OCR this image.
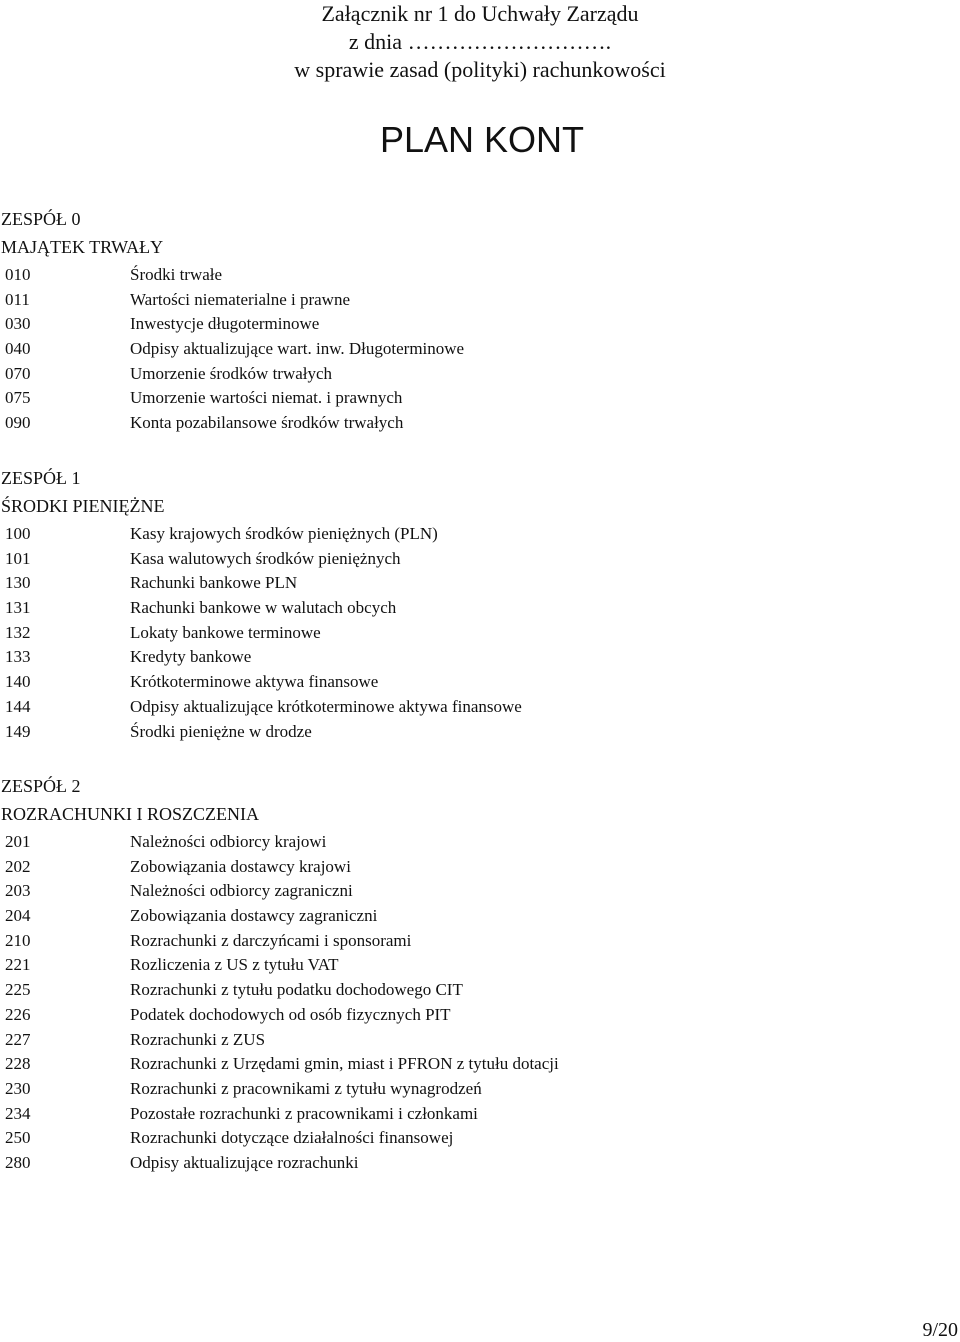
Załącznik nr 1 do Uchwały Zarządu
z dnia ……………………….
w sprawie zasad (polityki) rachunkowości
PLAN KONT
ZESPÓŁ 0
MAJĄTEK TRWAŁY
010	Środki trwałe
011	Wartości niematerialne i prawne
030	Inwestycje długoterminowe
040	Odpisy aktualizujące wart. inw. Długoterminowe
070	Umorzenie środków trwałych
075	Umorzenie wartości niemat. i prawnych
090	Konta pozabilansowe środków trwałych
ZESPÓŁ 1
ŚRODKI PIENIĘŻNE
100	Kasy krajowych środków pieniężnych (PLN)
101	Kasa walutowych środków pieniężnych
130	Rachunki bankowe PLN
131	Rachunki bankowe w walutach obcych
132	Lokaty bankowe terminowe
133	Kredyty bankowe
140	Krótkoterminowe aktywa finansowe
144	Odpisy aktualizujące krótkoterminowe aktywa finansowe
149	Środki pieniężne w drodze
ZESPÓŁ 2
ROZRACHUNKI I ROSZCZENIA
201	Należności odbiorcy krajowi
202	Zobowiązania dostawcy krajowi
203	Należności odbiorcy zagraniczni
204	Zobowiązania dostawcy zagraniczni
210	Rozrachunki z darczyńcami i sponsorami
221	Rozliczenia z US z tytułu VAT
225	Rozrachunki z tytułu podatku dochodowego CIT
226	Podatek dochodowych od osób fizycznych PIT
227	Rozrachunki z ZUS
228	Rozrachunki z Urzędami gmin, miast i PFRON z tytułu dotacji
230	Rozrachunki z pracownikami z tytułu wynagrodzeń
234	Pozostałe rozrachunki z pracownikami i członkami
250	Rozrachunki dotyczące działalności finansowej
280	Odpisy aktualizujące rozrachunki
9/20
